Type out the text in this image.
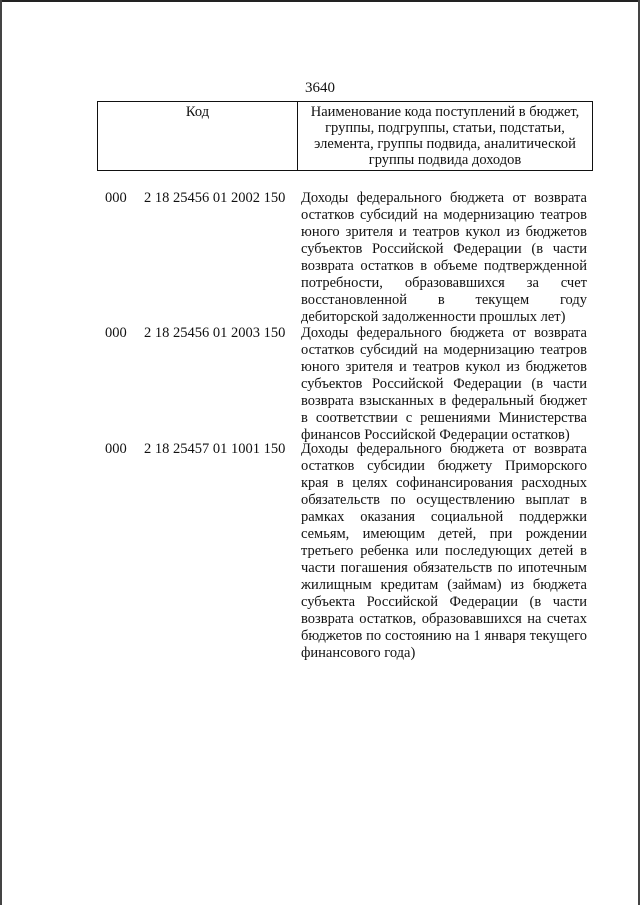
3640
Код	Наименование кода поступлений в бюджет,
группы, подгруппы, статьи, подстатьи,
элемента, группы подвида, аналитической
группы подвида доходов
000 2 18 25456 01 2002 150 Доходы федерального бюджета от возврата
остатков субсидий на модернизацию театров
юного зрителя и театров кукол из бюджетов
субъектов Российской Федерации (в части
возврата остатков в объеме подтвержденной
потребности, образовавшихся за счет
восстановленной в текущем году
дебиторской задолженности прошлых лет)
000 2 18 25456 01 2003 150 Доходы федерального бюджета от возврата
остатков субсидий на модернизацию театров
юного зрителя и театров кукол из бюджетов
субъектов Российской Федерации (в части
возврата взысканных в федеральный бюджет
в соответствии с решениями Министерства
финансов Российской Федерации остатков)
000 2 18 25457 01 1001 150 Доходы федерального бюджета от возврата
остатков субсидии бюджету Приморского
края в целях софинансирования расходных
обязательств по осуществлению выплат в
рамках оказания социальной поддержки
семьям, имеющим детей, при рождении
третьего ребенка или последующих детей в
части погашения обязательств по ипотечным
жилищным кредитам (займам) из бюджета
субъекта Российской Федерации (в части
возврата остатков, образовавшихся на счетах
бюджетов по состоянию на 1 января текущего
финансового года)
